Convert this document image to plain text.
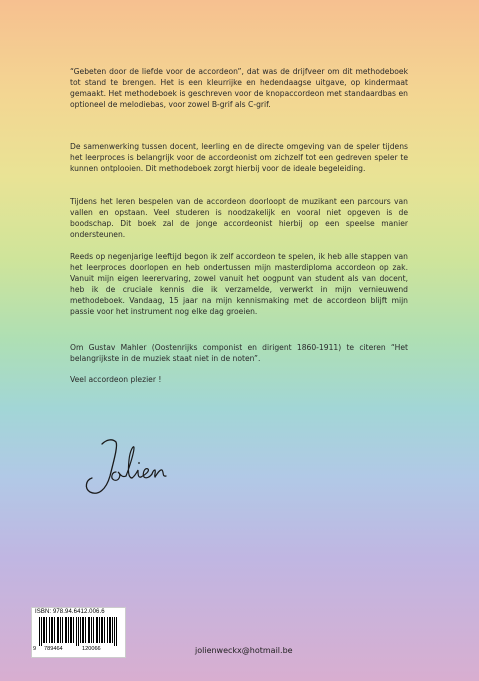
“Gebeten door de liefde voor de accordeon”, dat was de drijfveer om dit methodeboek tot stand te brengen. Het is een kleurrijke en hedendaagse uitgave, op kindermaat gemaakt. Het methodeboek is geschreven voor de knopaccordeon met standaardbas en optioneel de melodiebas, voor zowel B-grif als C-grif.

De samenwerking tussen docent, leerling en de directe omgeving van de speler tijdens het leerproces is belangrijk voor de accordeonist om zichzelf tot een gedreven speler te kunnen ontplooien. Dit methodeboek zorgt hierbij voor de ideale begeleiding.

Tijdens het leren bespelen van de accordeon doorloopt de muzikant een parcours van vallen en opstaan. Veel studeren is noodzakelijk en vooral niet opgeven is de boodschap. Dit boek zal de jonge accordeonist hierbij op een speelse manier ondersteunen.

Reeds op negenjarige leeftijd begon ik zelf accordeon te spelen, ik heb alle stappen van het leerproces doorlopen en heb ondertussen mijn masterdiploma accordeon op zak. Vanuit mijn eigen leerervaring, zowel vanuit het oogpunt van student als van docent, heb ik de cruciale kennis die ik verzamelde, verwerkt in mijn vernieuwend methodeboek. Vandaag, 15 jaar na mijn kennismaking met de accordeon blijft mijn passie voor het instrument nog elke dag groeien.

Om Gustav Mahler (Oostenrijks componist en dirigent 1860-1911) te citeren “Het belangrijkste in de muziek staat niet in de noten”.

Veel accordeon plezier !

ISBN: 978.94.6412.006.6
9 789464	120066	jolienweckx@hotmail.be
